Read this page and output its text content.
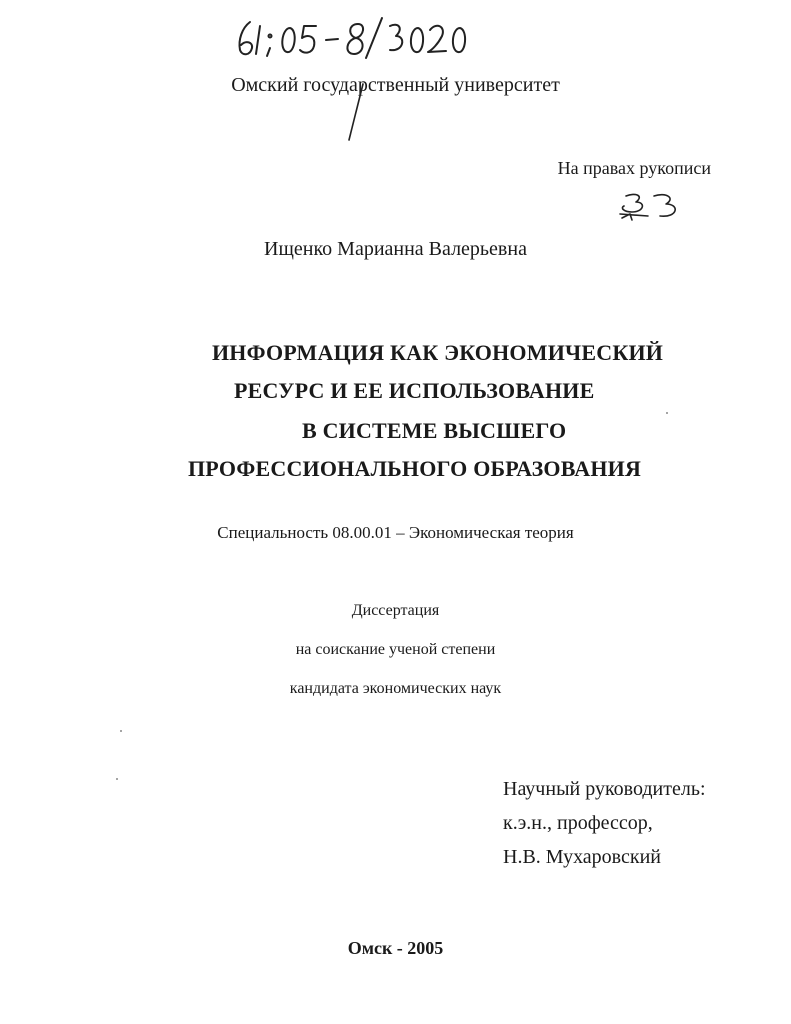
Омский государственный университет
На правах рукописи
Ищенко Марианна Валерьевна
ИНФОРМАЦИЯ КАК ЭКОНОМИЧЕСКИЙ
РЕСУРС И ЕЕ ИСПОЛЬЗОВАНИЕ
В СИСТЕМЕ ВЫСШЕГО
ПРОФЕССИОНАЛЬНОГО ОБРАЗОВАНИЯ
Специальность 08.00.01 – Экономическая теория
Диссертация
на соискание ученой степени
кандидата экономических наук
Научный руководитель:
к.э.н., профессор,
Н.В. Мухаровский
Омск - 2005
